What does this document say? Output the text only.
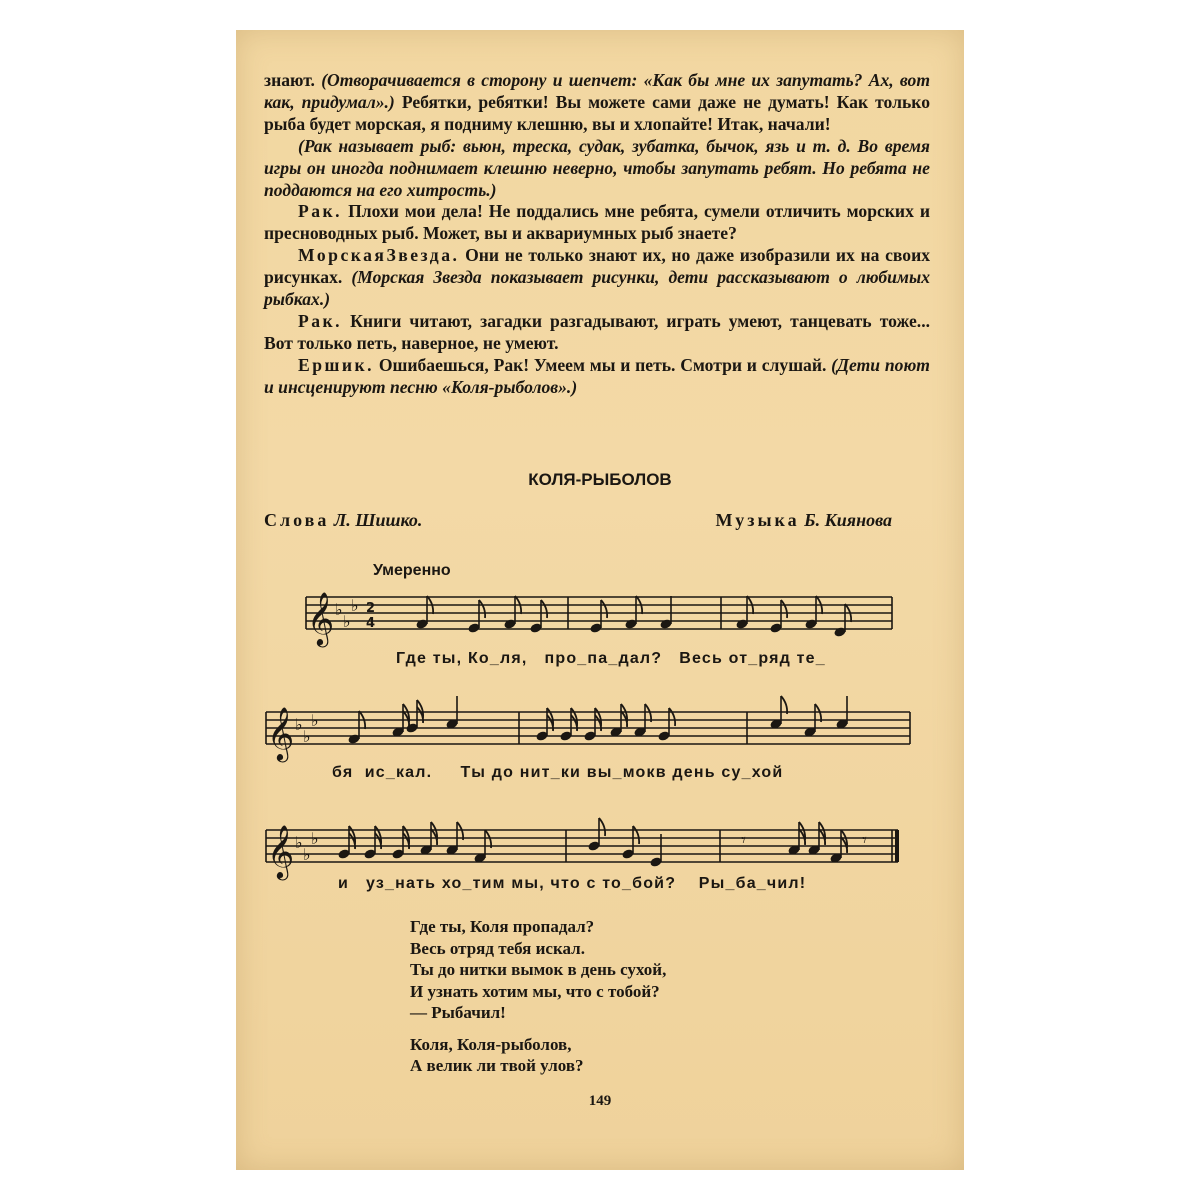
знают. (Отворачивается в сторону и шепчет: «Как бы мне их запутать? Ах, вот как, придумал».) Ребятки, ребятки! Вы можете сами даже не думать! Как только рыба будет морская, я подниму клешню, вы и хлопайте! Итак, начали!

(Рак называет рыб: вьюн, треска, судак, зубатка, бычок, язь и т. д. Во время игры он иногда поднимает клешню неверно, чтобы запутать ребят. Но ребята не поддаются на его хитрость.)

Рак. Плохи мои дела! Не поддались мне ребята, сумели отличить морских и пресноводных рыб. Может, вы и аквариумных рыб знаете?

МорскаяЗвезда. Они не только знают их, но даже изобразили их на своих рисунках. (Морская Звезда показывает рисунки, дети рассказывают о любимых рыбках.)

Рак. Книги читают, загадки разгадывают, играть умеют, танцевать тоже... Вот только петь, наверное, не умеют.

Ершик. Ошибаешься, Рак! Умеем мы и петь. Смотри и слушай. (Дети поют и инсценируют песню «Коля-рыболов».)

КОЛЯ-РЫБОЛОВ
Слова Л. Шишко.	Музыка Б. Киянова
Умеренно
𝄞 ♭
♭
♭ 2
4
𝄞 ♭
♭
♭
𝄞 ♭
♭
♭	𝄾	𝄾
Где ты, Ко_ля, про_па_дал? Весь от_ряд те_
бя ис_кал. Ты до нит_ки вы_мокв день су_хой
и уз_нать хо_тим мы, что с то_бой? Ры_ба_чил!
Где ты, Коля пропадал?
Весь отряд тебя искал.
Ты до нитки вымок в день сухой,
И узнать хотим мы, что с тобой?
— Рыбачил!
Коля, Коля-рыболов,
А велик ли твой улов?
149
